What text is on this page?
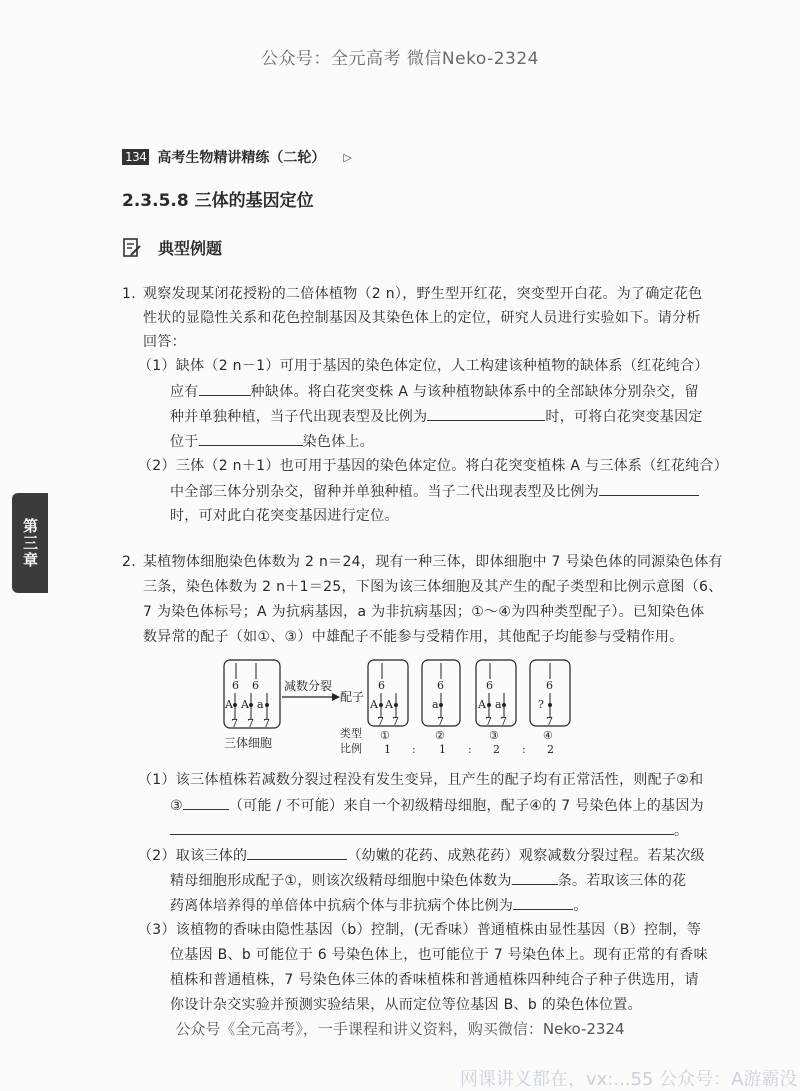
公众号：全元高考 微信Neko-2324
134 高考生物精讲精练（二轮） ▷
2.3.5.8 三体的基因定位
典型例题
第三章
1. 观察发现某闭花授粉的二倍体植物（2 n），野生型开红花，突变型开白花。为了确定花色
性状的显隐性关系和花色控制基因及其染色体上的定位，研究人员进行实验如下。请分析
回答：
（1）缺体（2 n－1）可用于基因的染色体定位，人工构建该种植物的缺体系（红花纯合）
应有	种缺体。将白花突变株 A 与该种植物缺体系中的全部缺体分别杂交，留
种并单独种植，当子代出现表型及比例为	时，可将白花突变基因定
位于	染色体上。
（2）三体（2 n＋1）也可用于基因的染色体定位。将白花突变植株 A 与三体系（红花纯合）
中全部三体分别杂交，留种并单独种植。当子二代出现表型及比例为
时，可对此白花突变基因进行定位。
2. 某植物体细胞染色体数为 2 n＝24，现有一种三体，即体细胞中 7 号染色体的同源染色体有
三条，染色体数为 2 n＋1＝25，下图为该三体细胞及其产生的配子类型和比例示意图（6、
7 为染色体标号；A 为抗病基因，a 为非抗病基因；①～④为四种类型配子）。已知染色体
数异常的配子（如①、③）中雄配子不能参与受精作用，其他配子均能参与受精作用。
6 6
A A a
7 7 7
减数分裂
配子
6
A A
7 7
6
a
7
6
A a
7 7
6
?
7
三体细胞
类型
比例
①	②	③	④
1 : 1 : 2 : 2
（1）该三体植株若减数分裂过程没有发生变异，且产生的配子均有正常活性，则配子②和
③	（可能 / 不可能）来自一个初级精母细胞，配子④的 7 号染色体上的基因为
。
（2）取该三体的	（幼嫩的花药、成熟花药）观察减数分裂过程。若某次级
精母细胞形成配子①，则该次级精母细胞中染色体数为	条。若取该三体的花
药离体培养得的单倍体中抗病个体与非抗病个体比例为	。
（3）该植物的香味由隐性基因（b）控制，(无香味）普通植株由显性基因（B）控制，等
位基因 B、b 可能位于 6 号染色体上，也可能位于 7 号染色体上。现有正常的有香味
植株和普通植株，7 号染色体三体的香味植株和普通植株四种纯合子种子供选用，请
你设计杂交实验并预测实验结果，从而定位等位基因 B、b 的染色体位置。
公众号《全元高考》，一手课程和讲义资料，购买微信：Neko-2324
网课讲义都在，vx:...55 公众号：A游霸没
